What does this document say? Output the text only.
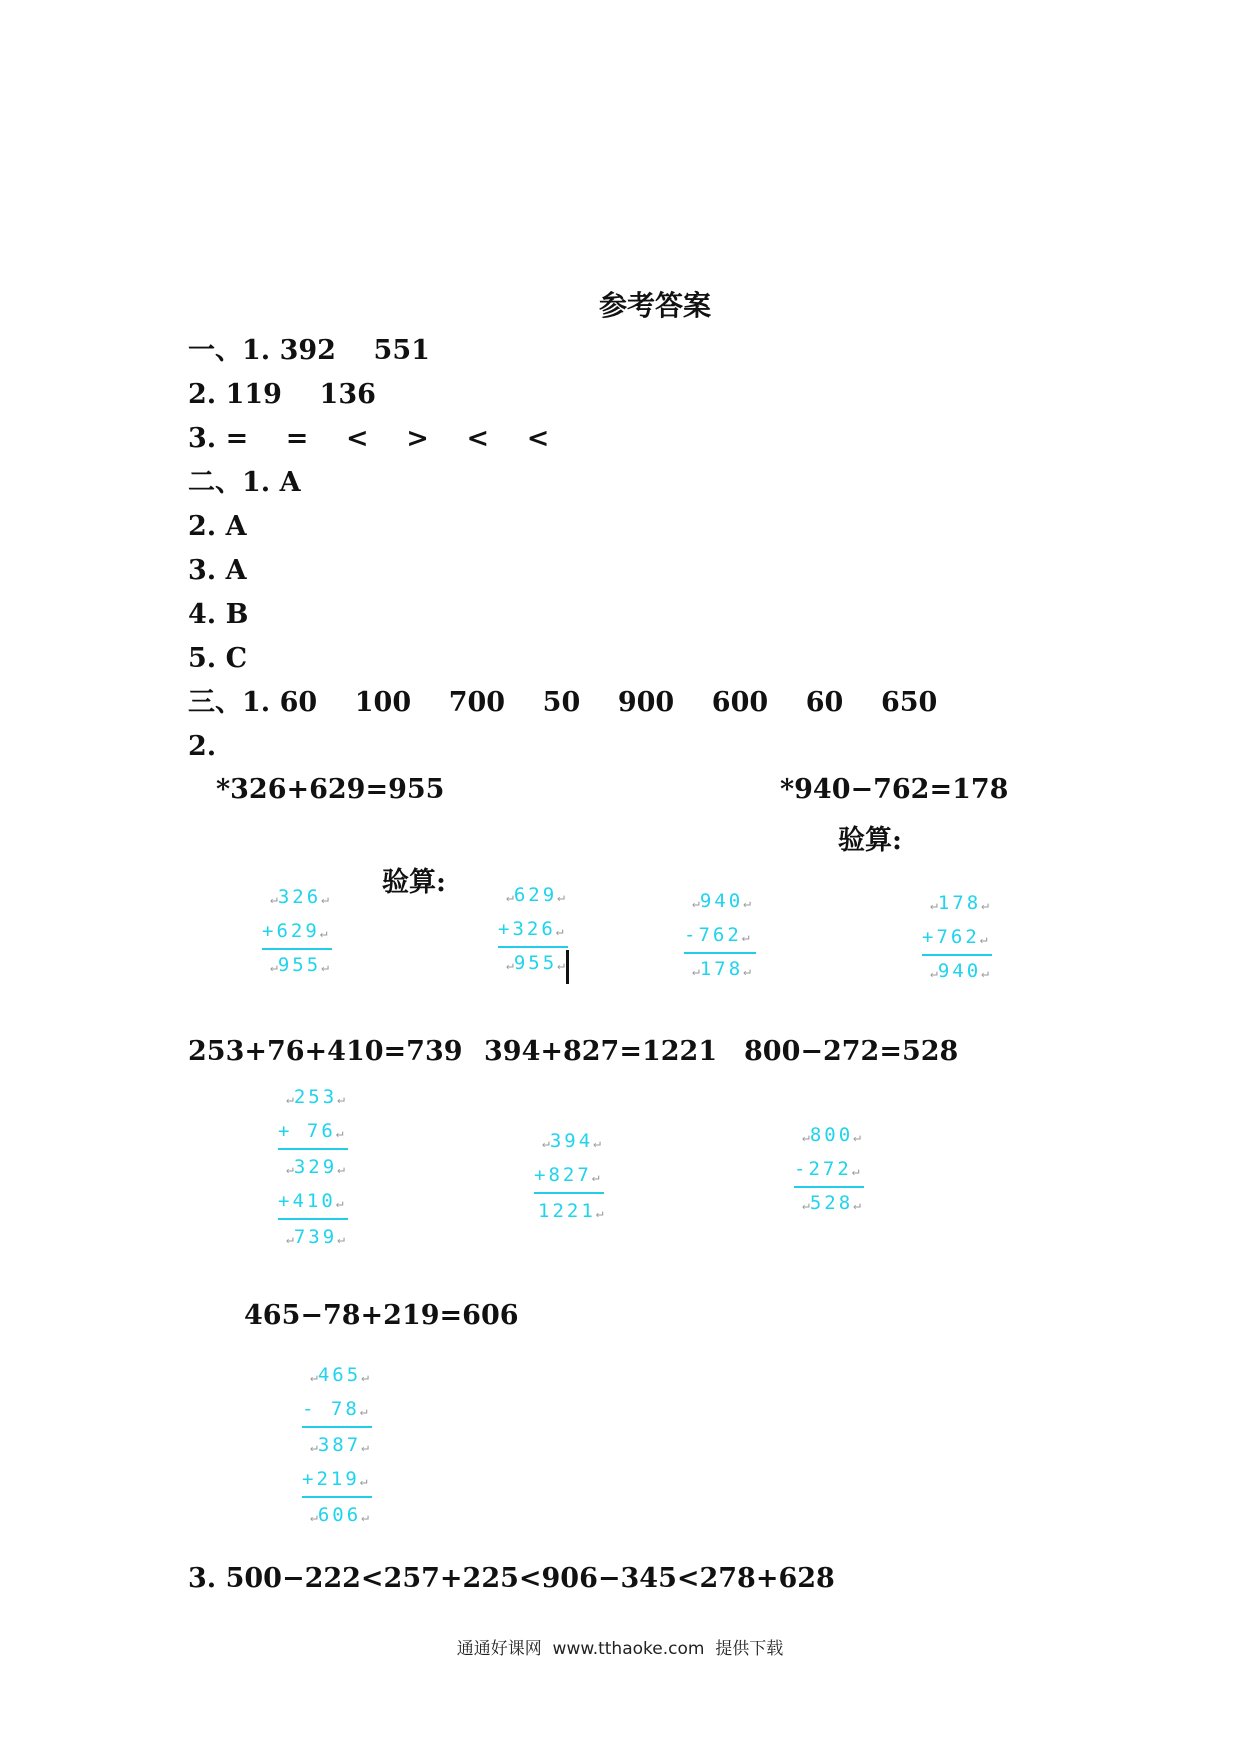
参考答案
一、1. 392    551
2. 119    136
3. =    =    <    >    <    <
二、1. A
2. A
3. A
4. B
5. C
三、1. 60    100    700    50    900    600    60    650
2.
*326+629=955	*940−762=178
验算:
验算:
↵326↵
+629↵
↵955↵
↵629↵
+326↵
↵955↵
↵940↵
-762↵
↵178↵
↵178↵
+762↵
↵940↵
253+76+410=739 394+827=1221 800−272=528
↵253↵
+ 76↵
↵329↵
+410↵
↵739↵
↵394↵
+827↵
1221↵
↵800↵
-272↵
↵528↵
465−78+219=606
↵465↵
- 78↵
↵387↵
+219↵
↵606↵
3. 500−222<257+225<906−345<278+628
通通好课网  www.tthaoke.com  提供下载
